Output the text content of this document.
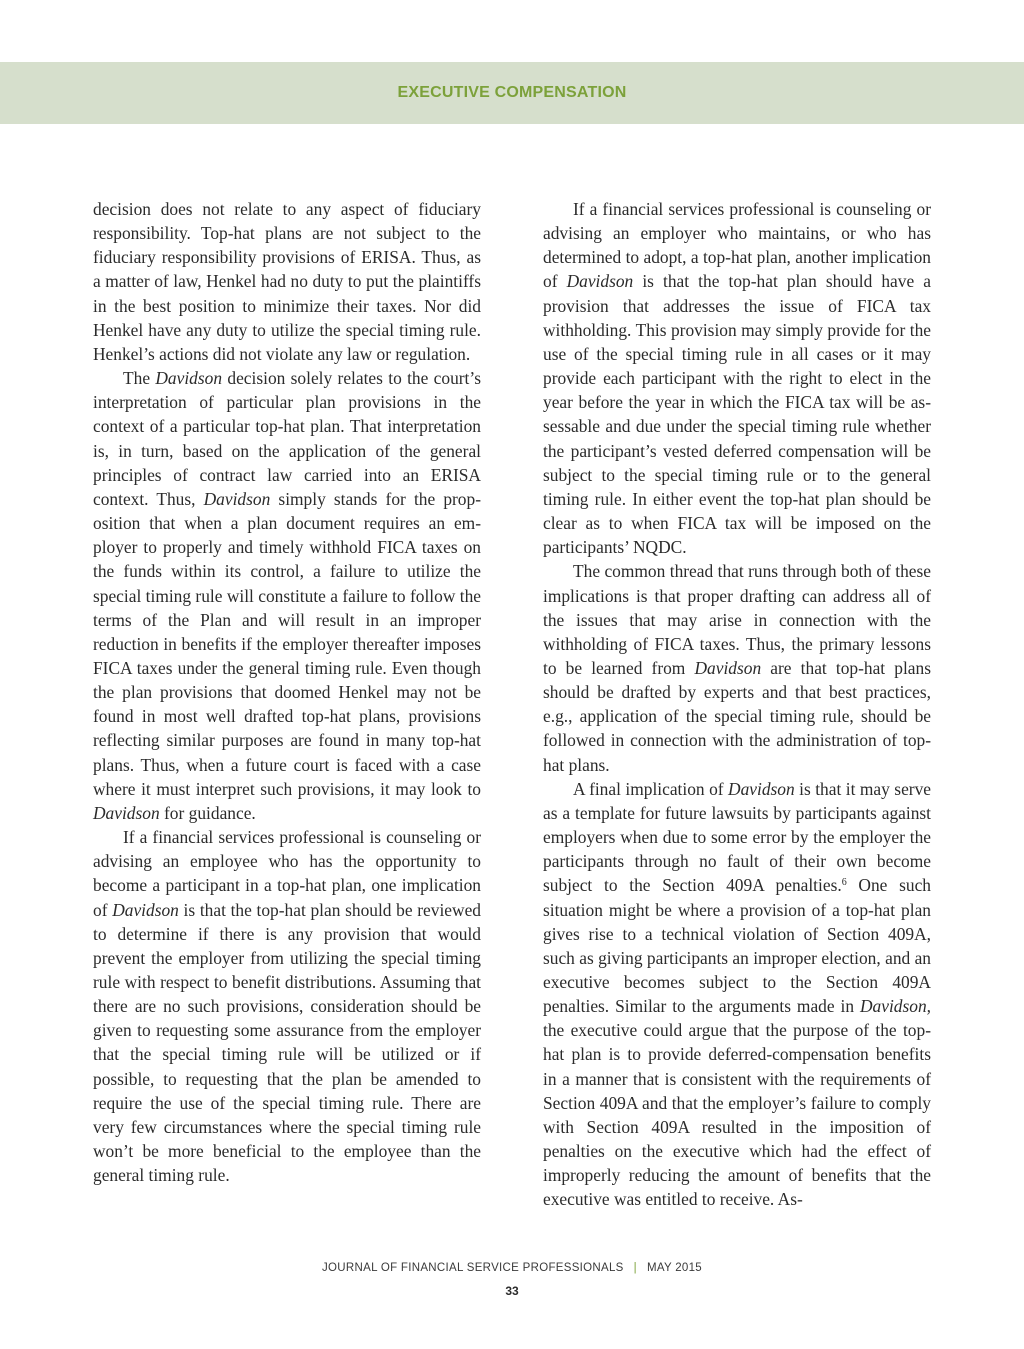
EXECUTIVE COMPENSATION

decision does not relate to any aspect of fiduciary responsibility. Top-hat plans are not subject to the fiduciary responsibility provisions of ERISA. Thus, as a matter of law, Henkel had no duty to put the plaintiffs in the best position to minimize their taxes. Nor did Henkel have any duty to utilize the special timing rule. Henkel’s actions did not violate any law or regulation.

The Davidson decision solely relates to the court’s interpretation of particular plan provisions in the context of a particular top-hat plan. That interpretation is, in turn, based on the application of the general principles of contract law carried into an ERISA context. Thus, Davidson simply stands for the proposition that when a plan document requires an employer to properly and timely withhold FICA taxes on the funds within its control, a failure to utilize the special timing rule will constitute a failure to follow the terms of the Plan and will result in an improper reduction in benefits if the employer thereafter imposes FICA taxes under the general timing rule. Even though the plan provisions that doomed Henkel may not be found in most well drafted top-hat plans, provisions reflecting similar purposes are found in many top-hat plans. Thus, when a future court is faced with a case where it must interpret such provisions, it may look to Davidson for guidance.

If a financial services professional is counseling or advising an employee who has the opportunity to become a participant in a top-hat plan, one implication of Davidson is that the top-hat plan should be reviewed to determine if there is any provision that would prevent the employer from utilizing the special timing rule with respect to benefit distributions. Assuming that there are no such provisions, consideration should be given to requesting some assurance from the employer that the special timing rule will be utilized or if possible, to requesting that the plan be amended to require the use of the special timing rule. There are very few circumstances where the special timing rule won’t be more beneficial to the employee than the general timing rule.

If a financial services professional is counseling or advising an employer who maintains, or who has determined to adopt, a top-hat plan, another implication of Davidson is that the top-hat plan should have a provision that addresses the issue of FICA tax withholding. This provision may simply provide for the use of the special timing rule in all cases or it may provide each participant with the right to elect in the year before the year in which the FICA tax will be assessable and due under the special timing rule whether the participant’s vested deferred compensation will be subject to the special timing rule or to the general timing rule. In either event the top-hat plan should be clear as to when FICA tax will be imposed on the participants’ NQDC.

The common thread that runs through both of these implications is that proper drafting can address all of the issues that may arise in connection with the withholding of FICA taxes. Thus, the primary lessons to be learned from Davidson are that top-hat plans should be drafted by experts and that best practices, e.g., application of the special timing rule, should be followed in connection with the administration of top-hat plans.

A final implication of Davidson is that it may serve as a template for future lawsuits by participants against employers when due to some error by the employer the participants through no fault of their own become subject to the Section 409A penalties.$^6$ One such situation might be where a provision of a top-hat plan gives rise to a technical violation of Section 409A, such as giving participants an improper election, and an executive becomes subject to the Section 409A penalties. Similar to the arguments made in Davidson, the executive could argue that the purpose of the top-hat plan is to provide deferred-compensation benefits in a manner that is consistent with the requirements of Section 409A and that the employer’s failure to comply with Section 409A resulted in the imposition of penalties on the executive which had the effect of improperly reducing the amount of benefits that the executive was entitled to receive. As-

JOURNAL OF FINANCIAL SERVICE PROFESSIONALS | MAY 2015
33
